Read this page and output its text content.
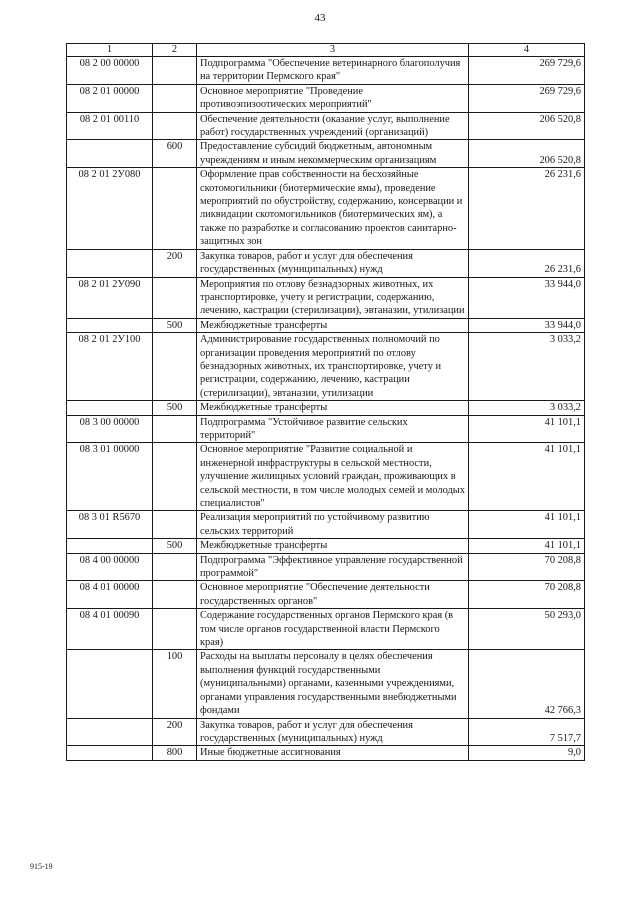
43
1	2	3	4
08 2 00 00000		Подпрограмма "Обеспечение ветеринарного благополучия на территории Пермского края"	269 729,6
08 2 01 00000		Основное мероприятие "Проведение противоэпизоотических мероприятий"	269 729,6
08 2 01 00110		Обеспечение деятельности (оказание услуг, выполнение работ) государственных учреждений (организаций)	206 520,8
	600	Предоставление субсидий бюджетным, автономным учреждениям и иным некоммерческим организациям	206 520,8
08 2 01 2У080		Оформление прав собственности на бесхозяйные скотомогильники (биотермические ямы), проведение мероприятий по обустройству, содержанию, консервации и ликвидации скотомогильников (биотермических ям), а также по разработке и согласованию проектов санитарно-защитных зон	26 231,6
	200	Закупка товаров, работ и услуг для обеспечения государственных (муниципальных) нужд	26 231,6
08 2 01 2У090		Мероприятия по отлову безнадзорных животных, их транспортировке, учету и регистрации, содержанию, лечению, кастрации (стерилизации), эвтаназии, утилизации	33 944,0
	500	Межбюджетные трансферты	33 944,0
08 2 01 2У100		Администрирование государственных полномочий по организации проведения мероприятий по отлову безнадзорных животных, их транспортировке, учету и регистрации, содержанию, лечению, кастрации (стерилизации), эвтаназии, утилизации	3 033,2
	500	Межбюджетные трансферты	3 033,2
08 3 00 00000		Подпрограмма "Устойчивое развитие сельских территорий"	41 101,1
08 3 01 00000		Основное мероприятие "Развитие социальной и инженерной инфраструктуры в сельской местности, улучшение жилищных условий граждан, проживающих в сельской местности, в том числе молодых семей и молодых специалистов"	41 101,1
08 3 01 R5670		Реализация мероприятий по устойчивому развитию сельских территорий	41 101,1
	500	Межбюджетные трансферты	41 101,1
08 4 00 00000		Подпрограмма "Эффективное управление государственной программой"	70 208,8
08 4 01 00000		Основное мероприятие "Обеспечение деятельности государственных органов"	70 208,8
08 4 01 00090		Содержание государственных органов Пермского края (в том числе органов государственной власти Пермского края)	50 293,0
	100	Расходы на выплаты персоналу в целях обеспечения выполнения функций государственными (муниципальными) органами, казенными учреждениями, органами управления государственными внебюджетными фондами	42 766,3
	200	Закупка товаров, работ и услуг для обеспечения государственных (муниципальных) нужд	7 517,7
	800	Иные бюджетные ассигнования	9,0
915-19
